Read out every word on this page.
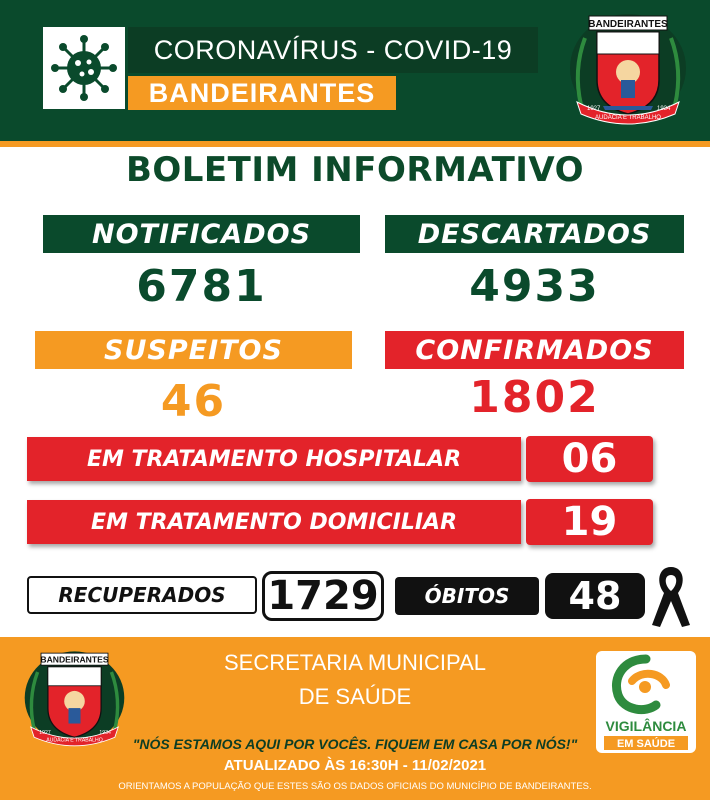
CORONAVÍRUS - COVID-19
BANDEIRANTES
BANDEIRANTES
AUDÁCIA E TRABALHO
1927	1934
BOLETIM INFORMATIVO
NOTIFICADOS	DESCARTADOS
6781	4933
SUSPEITOS	CONFIRMADOS
46	1802
EM TRATAMENTO HOSPITALAR	06
EM TRATAMENTO DOMICILIAR	19
RECUPERADOS	1729	ÓBITOS	48
BANDEIRANTES
AUDÁCIA E TRABALHO
1927	1934
SECRETARIA MUNICIPAL
DE SAÚDE
"NÓS ESTAMOS AQUI POR VOCÊS. FIQUEM EM CASA POR NÓS!"
ATUALIZADO ÀS 16:30H - 11/02/2021
ORIENTAMOS A POPULAÇÃO QUE ESTES SÃO OS DADOS OFICIAIS DO MUNICÍPIO DE BANDEIRANTES.
VIGILÂNCIA
EM SAÚDE
